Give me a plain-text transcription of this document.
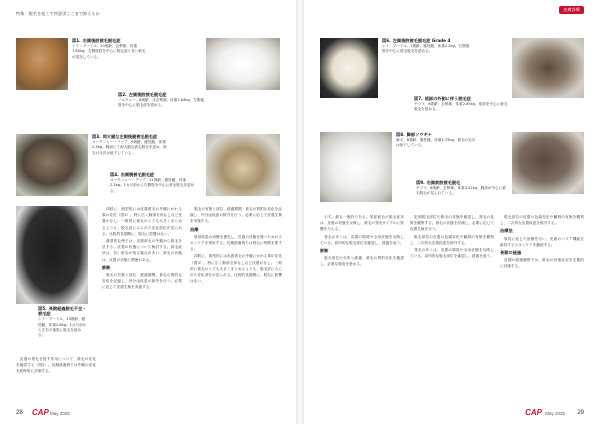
特集　脱毛を起こす疾患別ここまで抑えるか
図1. 右側後肢被毛脱毛症
トイ・プードル、10歳齢、去勢雄、体重7.60kg。右側後肢を中心に脱毛部と長い被毛が混在している。
図2. 左側後肢被毛脱毛症
ノルウェー、6歳齢、未去勢雄、体重2.64kg。左側後肢を中心に脱毛部を認める。
図3. 両大腿な左側後腿被毛脱毛症
ヨークシャー・テリア、9歳齢、避妊雌、体重2.3kg。胸部にて両大腿な被毛脱毛を認め、被毛の光沢は低下している。
図4. 右側腕被毛脱毛症
ヨークシャー・テリア、11歳齢、避妊雌、体重2.5kg。1カ月前から右側肢を中心に被毛脱毛を認める。
図5. 長期経過脱毛不全・被毛症
トイ・プードル、13歳齢、避妊雌、体重2.8kg。1カ月前から左右の後肢に脱毛を認める。

四肢に、典型的には皮膚被毛の外観にかわる事の変化（図3）。特に広く胸部全体なしなど皮膚がなし。一般的に被毛のとても大きくまとめるよりも、脱毛部にみられた変化部位が見られる。比較的長期間に、脱毛に影響はない。

典型的な例では、皮膚被毛の外観から脱毛を呈する。皮膚の状態について検討する。被毛症状は、長い被毛が残る場合が多い。被毛の状態は、皮膚の状態と関連がある。

診断

脱毛の有無と部位、経過期間、被毛の質的な変化を記録し、内分泌疾患の除外を行う。必要に応じて皮膚生検を実施する。

脱毛の有無と部位、経過期間、被毛の質的な変化を記録し、内分泌疾患の除外を行う。必要に応じて皮膚生検を実施する。

治療

原因疾患の治療を優先し、皮膚の状態を保つためのスキンケアを併用する。長期経過例では発毛に時間を要する。

四肢に、典型的には皮膚被毛の外観にかわる事の変化（図3）。特に広く胸部全体なしなど皮膚がなし。一般的に被毛のとても大きくまとめるよりも、脱毛部にみられた変化部位が見られる。比較的長期間に、脱毛に影響はない。

皮膚の発毛を促す作用について、被毛の変化を確認する（図2）。長期経過例では外観の変化を経時的に評価する。

28 CAP May 2025
皮膚診療
図6. 左側後肢被毛脱毛症 Grade 4
トイ・プードル、1歳齢、避妊雌、体重2.2kg。右側後肢を中心に被毛脱毛を認める。
図7. 尾部の外側に伴う脱毛症
チワワ、9歳齢、去勢雄、体重2.85kg。尾部を中心に被毛脱毛を認める。
図8. 脚部ソウギナ
柴犬、6歳齢、避妊雌、体重4.72kg。被毛の光沢は低下している。
図9. 右側前肢被毛脱毛
チワワ、8歳齢、去勢雄、体重3.02kg。胸部が中心に被毛脱毛が見られている。

示す。最も一般的である。尾部被毛の脱毛症状は、皮膚の状態を反映し、被毛の発毛サイクルに影響を与える。

発毛の多くは、皮膚の環境や全身状態を反映している。局所的な脱毛部位を確認し、経過を追う。

診断

脱毛部位の分布と経過、被毛の質的変化を確認し、必要な検査を進める。

犯刑脱毛部位や脱毛の状態を確認し、発毛の兆候を観察する。被毛の状態を評価し、必要に応じて皮膚生検を行う。

脱毛部位の皮膚の色調変化や鱗屑の有無を観察し、二次的な皮膚疾患を除外する。

発毛の多くは、皮膚の環境や全身状態を反映している。局所的な脱毛部位を確認し、経過を追う。

脱毛部位の皮膚の色調変化や鱗屑の有無を観察し、二次的な皮膚疾患を除外する。

治療法

原因に応じた治療を行い、皮膚のバリア機能を維持するスキンケアを継続する。

長期の経過

長期の経過観察では、被毛の回復状況を定期的に評価する。

May 2025
CAP	29
